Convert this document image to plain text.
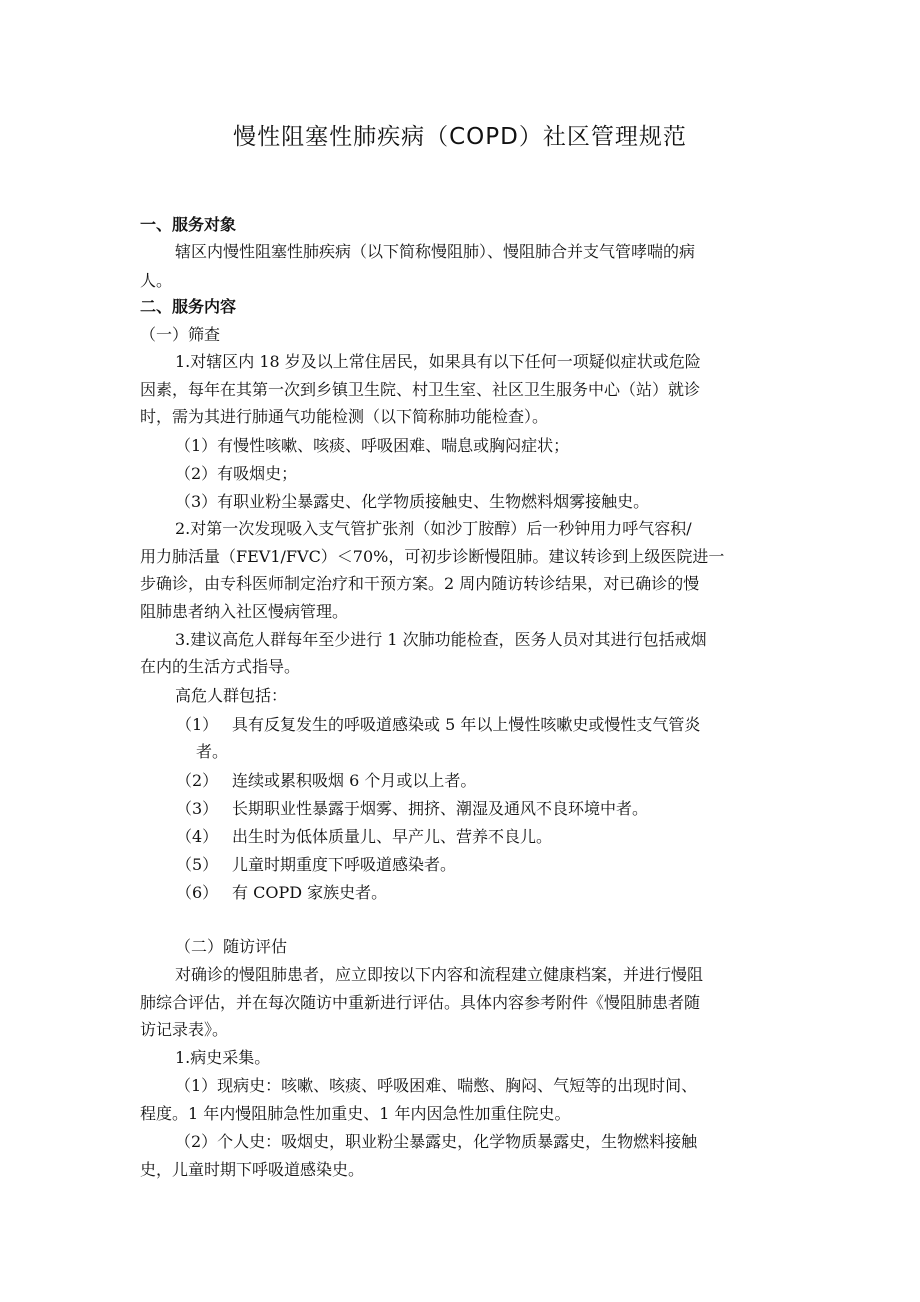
慢性阻塞性肺疾病（COPD）社区管理规范
一、服务对象
辖区内慢性阻塞性肺疾病（以下简称慢阻肺）、慢阻肺合并支气管哮喘的病
人。
二、服务内容
（一）筛查
1.对辖区内 18 岁及以上常住居民，如果具有以下任何一项疑似症状或危险
因素，每年在其第一次到乡镇卫生院、村卫生室、社区卫生服务中心（站）就诊
时，需为其进行肺通气功能检测（以下简称肺功能检查）。
（1）有慢性咳嗽、咳痰、呼吸困难、喘息或胸闷症状；
（2）有吸烟史；
（3）有职业粉尘暴露史、化学物质接触史、生物燃料烟雾接触史。
2.对第一次发现吸入支气管扩张剂（如沙丁胺醇）后一秒钟用力呼气容积/
用力肺活量（FEV1/FVC）＜70%，可初步诊断慢阻肺。建议转诊到上级医院进一
步确诊，由专科医师制定治疗和干预方案。2 周内随访转诊结果，对已确诊的慢
阻肺患者纳入社区慢病管理。
3.建议高危人群每年至少进行 1 次肺功能检查，医务人员对其进行包括戒烟
在内的生活方式指导。
高危人群包括：
（1） 具有反复发生的呼吸道感染或 5 年以上慢性咳嗽史或慢性支气管炎
者。
（2） 连续或累积吸烟 6 个月或以上者。
（3） 长期职业性暴露于烟雾、拥挤、潮湿及通风不良环境中者。
（4） 出生时为低体质量儿、早产儿、营养不良儿。
（5） 儿童时期重度下呼吸道感染者。
（6） 有 COPD 家族史者。
（二）随访评估
对确诊的慢阻肺患者，应立即按以下内容和流程建立健康档案，并进行慢阻
肺综合评估，并在每次随访中重新进行评估。具体内容参考附件《慢阻肺患者随
访记录表》。
1.病史采集。
（1）现病史：咳嗽、咳痰、呼吸困难、喘憋、胸闷、气短等的出现时间、
程度。1 年内慢阻肺急性加重史、1 年内因急性加重住院史。
（2）个人史：吸烟史，职业粉尘暴露史，化学物质暴露史，生物燃料接触
史，儿童时期下呼吸道感染史。
